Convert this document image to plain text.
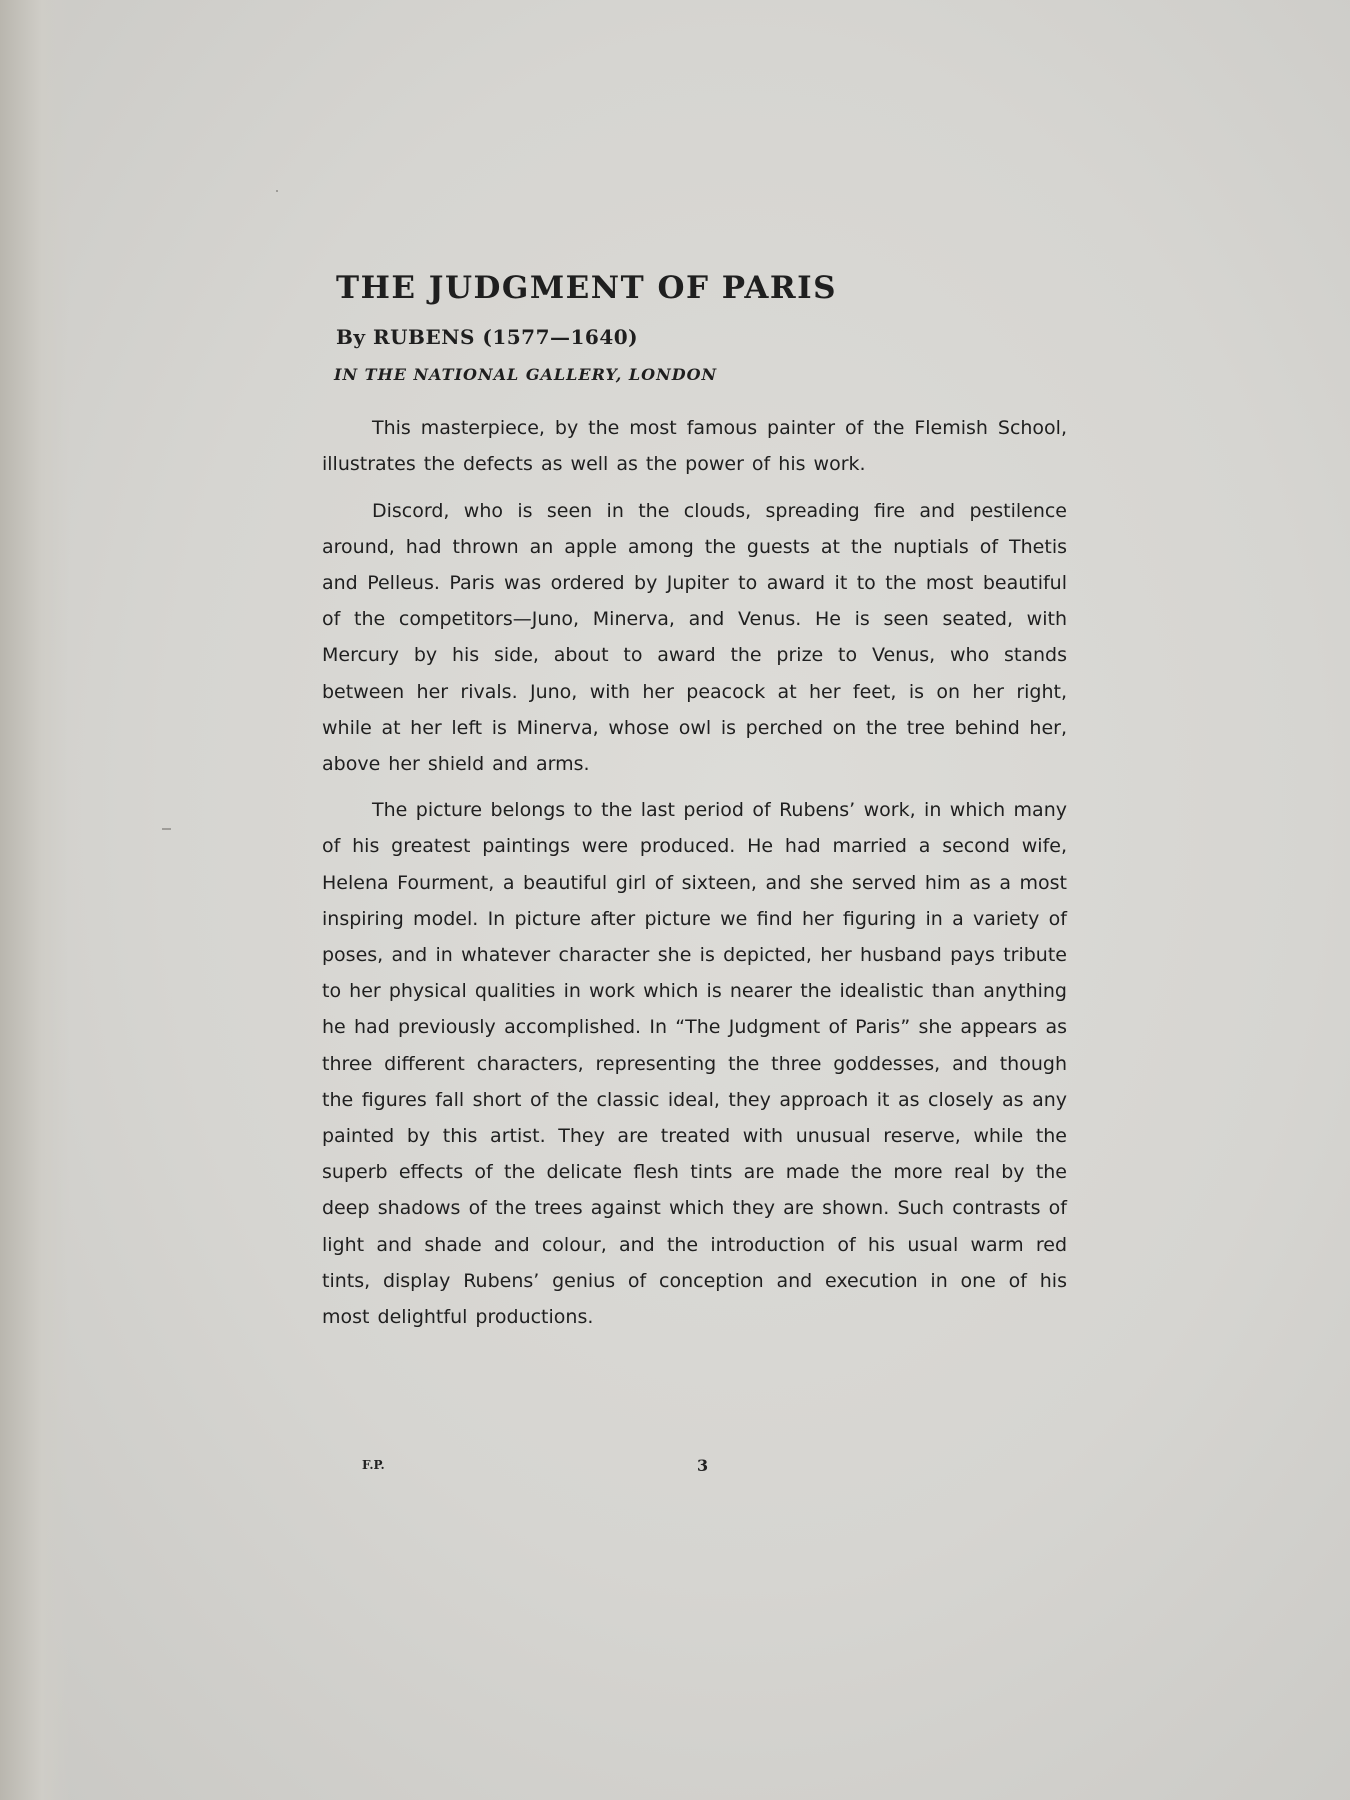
THE JUDGMENT OF PARIS
By RUBENS (1577—1640)
IN THE NATIONAL GALLERY, LONDON

This masterpiece, by the most famous painter of the Flemish School, illustrates the defects as well as the power of his work.

Discord, who is seen in the clouds, spreading fire and pestilence around, had thrown an apple among the guests at the nuptials of Thetis and Pelleus. Paris was ordered by Jupiter to award it to the most beautiful of the competitors—Juno, Minerva, and Venus. He is seen seated, with Mercury by his side, about to award the prize to Venus, who stands between her rivals. Juno, with her peacock at her feet, is on her right, while at her left is Minerva, whose owl is perched on the tree behind her, above her shield and arms.

The picture belongs to the last period of Rubens’ work, in which many of his greatest paintings were produced. He had married a second wife, Helena Fourment, a beautiful girl of sixteen, and she served him as a most inspiring model. In picture after picture we find her figuring in a variety of poses, and in whatever character she is depicted, her husband pays tribute to her physical qualities in work which is nearer the idealistic than anything he had previously accomplished. In “The Judgment of Paris” she appears as three different characters, representing the three goddesses, and though the figures fall short of the classic ideal, they approach it as closely as any painted by this artist. They are treated with unusual reserve, while the superb effects of the delicate flesh tints are made the more real by the deep shadows of the trees against which they are shown. Such contrasts of light and shade and colour, and the introduction of his usual warm red tints, display Rubens’ genius of conception and execution in one of his most delightful productions.

F.P.	3
